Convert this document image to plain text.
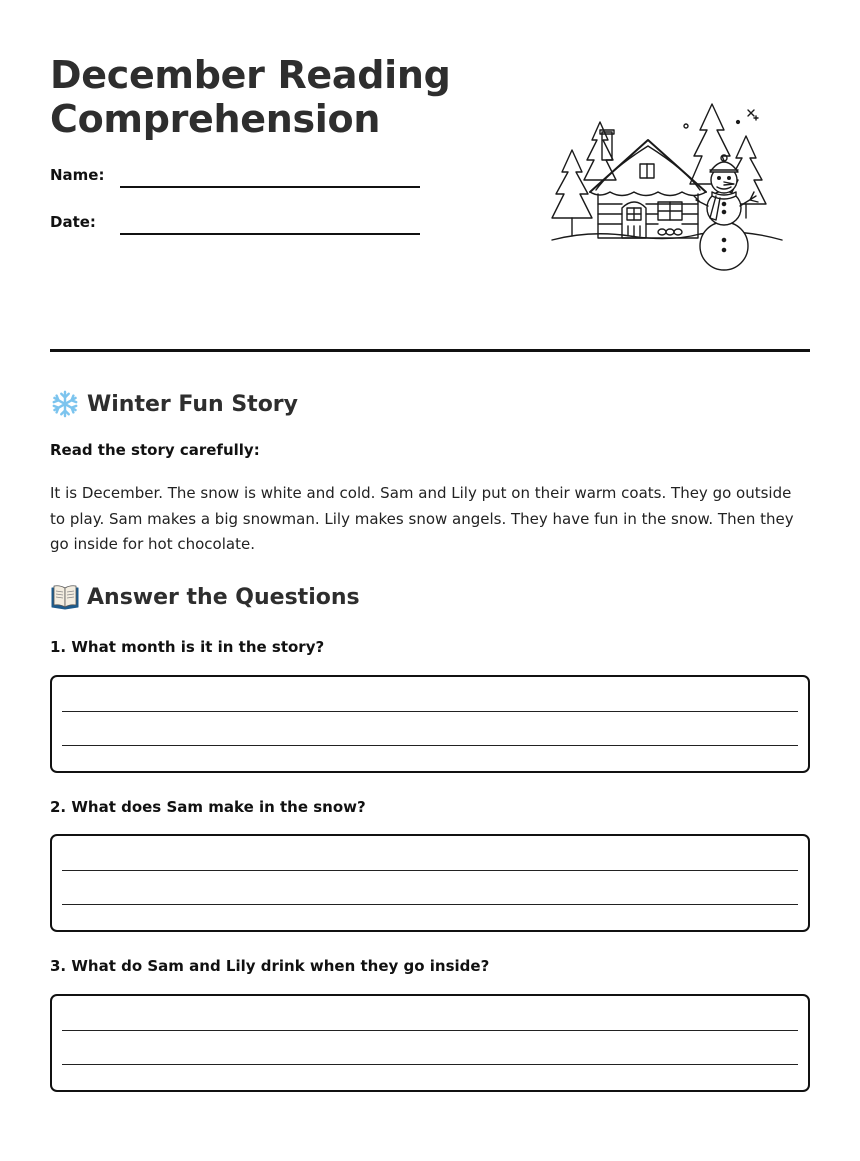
December Reading Comprehension
Name:
Date:
Winter Fun Story
Read the story carefully:

It is December. The snow is white and cold. Sam and Lily put on their warm coats. They go outside to play. Sam makes a big snowman. Lily makes snow angels. They have fun in the snow. Then they go inside for hot chocolate.

Answer the Questions
1. What month is it in the story?
2. What does Sam make in the snow?
3. What do Sam and Lily drink when they go inside?
